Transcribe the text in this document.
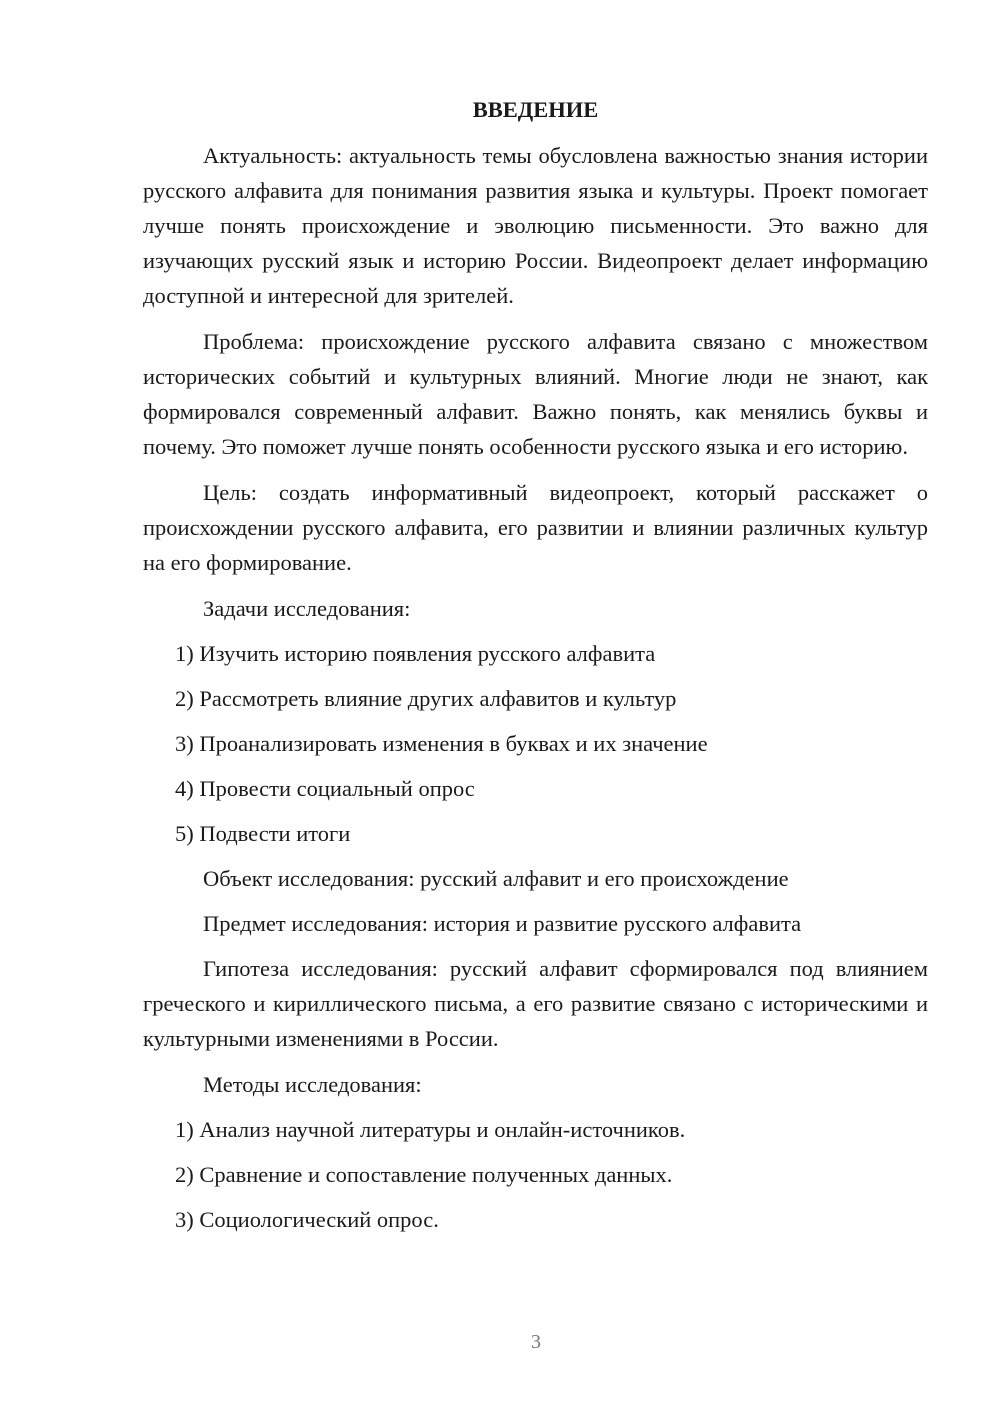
ВВЕДЕНИЕ

Актуальность: актуальность темы обусловлена важностью знания истории русского алфавита для понимания развития языка и культуры. Проект помогает лучше понять происхождение и эволюцию письменности. Это важно для изучающих русский язык и историю России. Видеопроект делает информацию доступной и интересной для зрителей.

Проблема: происхождение русского алфавита связано с множеством исторических событий и культурных влияний. Многие люди не знают, как формировался современный алфавит. Важно понять, как менялись буквы и почему. Это поможет лучше понять особенности русского языка и его историю.

Цель: создать информативный видеопроект, который расскажет о происхождении русского алфавита, его развитии и влиянии различных культур на его формирование.

Задачи исследования:
1) Изучить историю появления русского алфавита
2) Рассмотреть влияние других алфавитов и культур
3) Проанализировать изменения в буквах и их значение
4) Провести социальный опрос
5) Подвести итоги
Объект исследования: русский алфавит и его происхождение
Предмет исследования: история и развитие русского алфавита

Гипотеза исследования: русский алфавит сформировался под влиянием греческого и кириллического письма, а его развитие связано с историческими и культурными изменениями в России.

Методы исследования:
1) Анализ научной литературы и онлайн-источников.
2) Сравнение и сопоставление полученных данных.
3) Социологический опрос.
3
